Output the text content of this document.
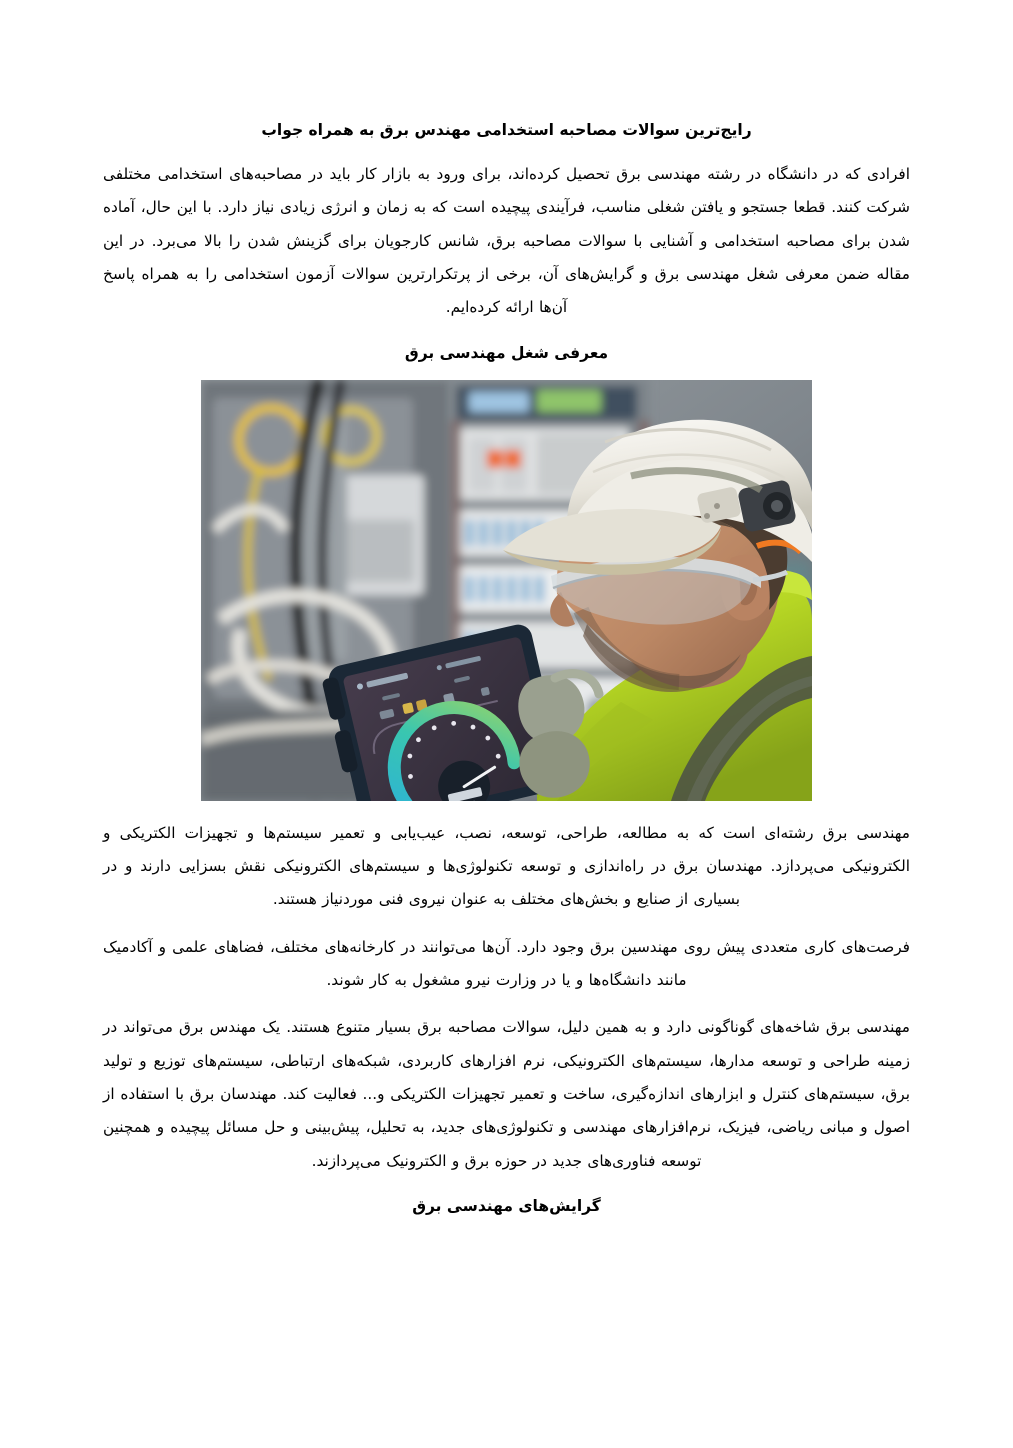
رایج‌ترین سوالات مصاحبه استخدامی مهندس برق به همراه جواب

افرادی که در دانشگاه در رشته مهندسی برق تحصیل کرده‌اند، برای ورود به بازار کار باید در مصاحبه‌های استخدامی مختلفی شرکت کنند. قطعا جستجو و یافتن شغلی مناسب، فرآیندی پیچیده است که به زمان و انرژی زیادی نیاز دارد. با این حال، آماده شدن برای مصاحبه استخدامی و آشنایی با سوالات مصاحبه برق، شانس کارجویان برای گزینش شدن را بالا می‌برد. در این مقاله ضمن معرفی شغل مهندسی برق و گرایش‌های آن، برخی از پرتکرارترین سوالات آزمون استخدامی را به همراه پاسخ آن‌ها ارائه کرده‌ایم.

معرفی شغل مهندسی برق

مهندسی برق رشته‌ای است که به مطالعه، طراحی، توسعه، نصب، عیب‌یابی و تعمیر سیستم‌ها و تجهیزات الکتریکی و الکترونیکی می‌پردازد. مهندسان برق در راه‌اندازی و توسعه تکنولوژی‌ها و سیستم‌های الکترونیکی نقش بسزایی دارند و در بسیاری از صنایع و بخش‌های مختلف به عنوان نیروی فنی موردنیاز هستند.

فرصت‌های کاری متعددی پیش روی مهندسین برق وجود دارد. آن‌ها می‌توانند در کارخانه‌های مختلف، فضاهای علمی و آکادمیک مانند دانشگاه‌ها و یا در وزارت نیرو مشغول به کار شوند.

مهندسی برق شاخه‌های گوناگونی دارد و به همین دلیل، سوالات مصاحبه برق بسیار متنوع هستند. یک مهندس برق می‌تواند در زمینه طراحی و توسعه مدارها، سیستم‌های الکترونیکی، نرم افزارهای کاربردی، شبکه‌های ارتباطی، سیستم‌های توزیع و تولید برق، سیستم‌های کنترل و ابزارهای اندازه‌گیری، ساخت و تعمیر تجهیزات الکتریکی و... فعالیت کند. مهندسان برق با استفاده از اصول و مبانی ریاضی، فیزیک، نرم‌افزارهای مهندسی و تکنولوژی‌های جدید، به تحلیل، پیش‌بینی و حل مسائل پیچیده و همچنین توسعه فناوری‌های جدید در حوزه برق و الکترونیک می‌پردازند.

گرایش‌های مهندسی برق
